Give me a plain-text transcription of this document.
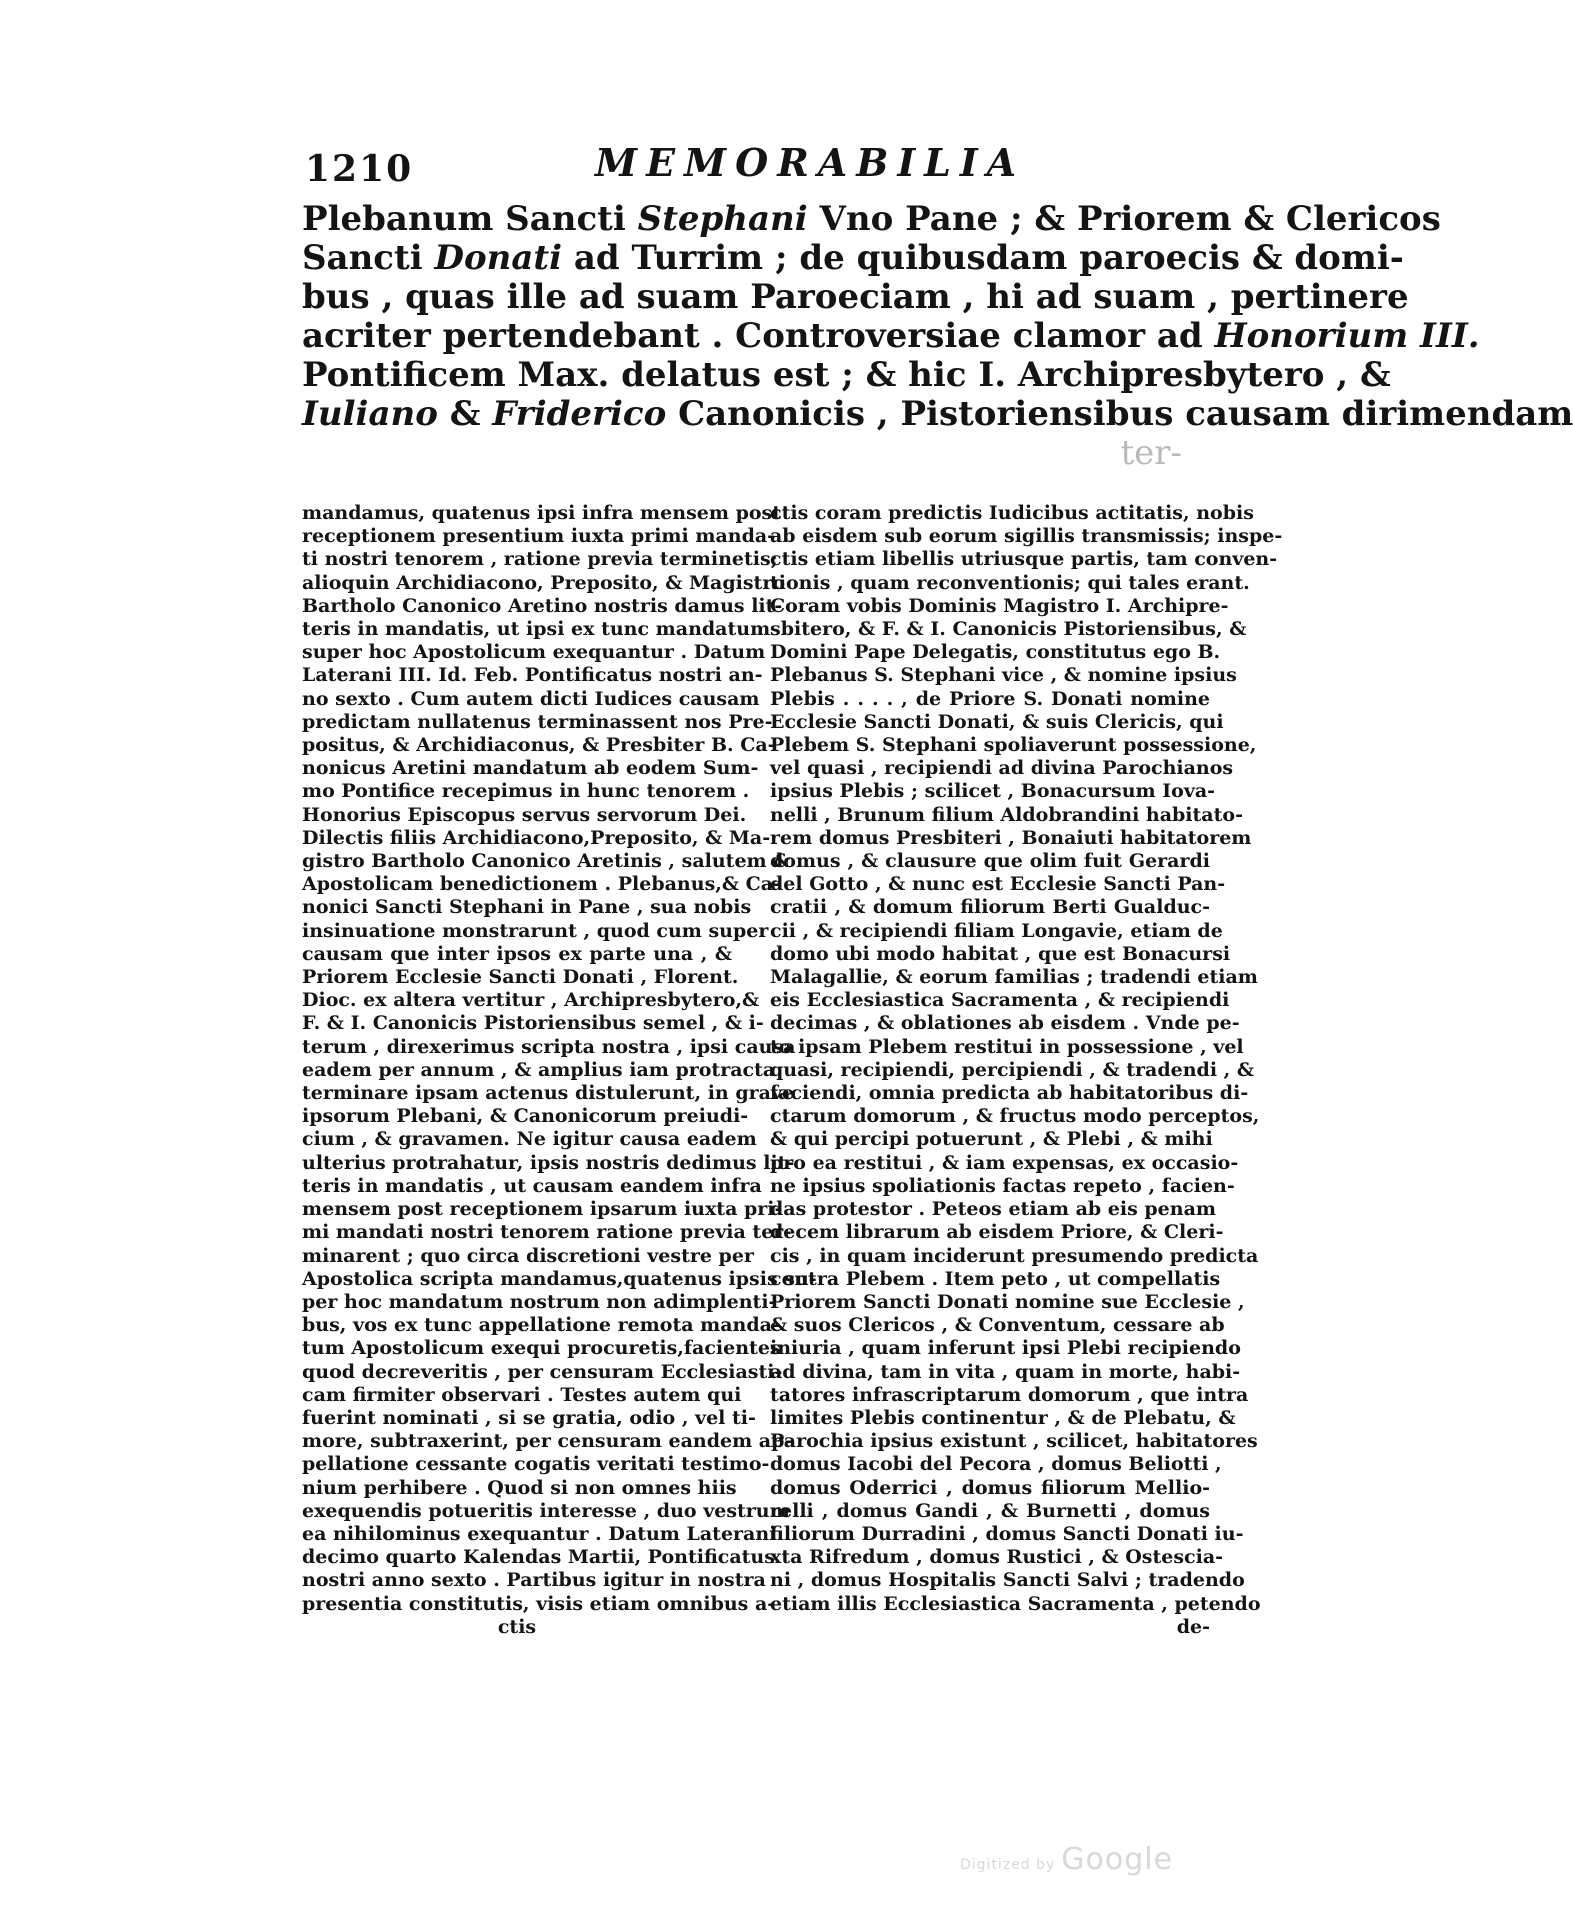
1210	MEMORABILIA
Plebanum Sancti Stephani Vno Pane ; & Priorem & Clericos
Sancti Donati ad Turrim ; de quibusdam paroecis & domi-
bus , quas ille ad suam Paroeciam , hi ad suam , pertinere
acriter pertendebant . Controversiae clamor ad Honorium III.
Pontificem Max. delatus est ; & hic I. Archipresbytero , &
Iuliano & Friderico Canonicis , Pistoriensibus causam dirimendam
ter-
mandamus, quatenus ipsi infra mensem post
receptionem presentium iuxta primi manda-
ti nostri tenorem , ratione previa terminetis;
alioquin Archidiacono, Preposito, & Magistro
Bartholo Canonico Aretino nostris damus lit-
teris in mandatis, ut ipsi ex tunc mandatum
super hoc Apostolicum exequantur . Datum
Laterani III. Id. Feb. Pontificatus nostri an-
no sexto . Cum autem dicti Iudices causam
predictam nullatenus terminassent nos Pre-
positus, & Archidiaconus, & Presbiter B. Ca-
nonicus Aretini mandatum ab eodem Sum-
mo Pontifice recepimus in hunc tenorem .
Honorius Episcopus servus servorum Dei.
Dilectis filiis Archidiacono,Preposito, & Ma-
gistro Bartholo Canonico Aretinis , salutem &
Apostolicam benedictionem . Plebanus,& Ca-
nonici Sancti Stephani in Pane , sua nobis
insinuatione monstrarunt , quod cum super
causam que inter ipsos ex parte una , &
Priorem Ecclesie Sancti Donati , Florent.
Dioc. ex altera vertitur , Archipresbytero,&
F. & I. Canonicis Pistoriensibus semel , & i-
terum , direxerimus scripta nostra , ipsi causa
eadem per annum , & amplius iam protracta
terminare ipsam actenus distulerunt, in grave
ipsorum Plebani, & Canonicorum preiudi-
cium , & gravamen. Ne igitur causa eadem
ulterius protrahatur, ipsis nostris dedimus lit-
teris in mandatis , ut causam eandem infra
mensem post receptionem ipsarum iuxta pri-
mi mandati nostri tenorem ratione previa ter-
minarent ; quo circa discretioni vestre per
Apostolica scripta mandamus,quatenus ipsis su-
per hoc mandatum nostrum non adimplenti-
bus, vos ex tunc appellatione remota manda-
tum Apostolicum exequi procuretis,facientes
quod decreveritis , per censuram Ecclesiasti-
cam firmiter observari . Testes autem qui
fuerint nominati , si se gratia, odio , vel ti-
more, subtraxerint, per censuram eandem ap-
pellatione cessante cogatis veritati testimo-
nium perhibere . Quod si non omnes hiis
exequendis potueritis interesse , duo vestrum
ea nihilominus exequantur . Datum Laterani
decimo quarto Kalendas Martii, Pontificatus
nostri anno sexto . Partibus igitur in nostra
presentia constitutis, visis etiam omnibus a-
ctis
ctis coram predictis Iudicibus actitatis, nobis
ab eisdem sub eorum sigillis transmissis; inspe-
ctis etiam libellis utriusque partis, tam conven-
tionis , quam reconventionis; qui tales erant.
Coram vobis Dominis Magistro I. Archipre-
sbitero, & F. & I. Canonicis Pistoriensibus, &
Domini Pape Delegatis, constitutus ego B.
Plebanus S. Stephani vice , & nomine ipsius
Plebis . . . . , de Priore S. Donati nomine
Ecclesie Sancti Donati, & suis Clericis, qui
Plebem S. Stephani spoliaverunt possessione,
vel quasi , recipiendi ad divina Parochianos
ipsius Plebis ; scilicet , Bonacursum Iova-
nelli , Brunum filium Aldobrandini habitato-
rem domus Presbiteri , Bonaiuti habitatorem
domus , & clausure que olim fuit Gerardi
del Gotto , & nunc est Ecclesie Sancti Pan-
cratii , & domum filiorum Berti Gualduc-
cii , & recipiendi filiam Longavie, etiam de
domo ubi modo habitat , que est Bonacursi
Malagallie, & eorum familias ; tradendi etiam
eis Ecclesiastica Sacramenta , & recipiendi
decimas , & oblationes ab eisdem . Vnde pe-
to ipsam Plebem restitui in possessione , vel
quasi, recipiendi, percipiendi , & tradendi , &
faciendi, omnia predicta ab habitatoribus di-
ctarum domorum , & fructus modo perceptos,
& qui percipi potuerunt , & Plebi , & mihi
pro ea restitui , & iam expensas, ex occasio-
ne ipsius spoliationis factas repeto , facien-
das protestor . Peteos etiam ab eis penam
decem librarum ab eisdem Priore, & Cleri-
cis , in quam inciderunt presumendo predicta
contra Plebem . Item peto , ut compellatis
Priorem Sancti Donati nomine sue Ecclesie ,
& suos Clericos , & Conventum, cessare ab
iniuria , quam inferunt ipsi Plebi recipiendo
ad divina, tam in vita , quam in morte, habi-
tatores infrascriptarum domorum , que intra
limites Plebis continentur , & de Plebatu, &
Parochia ipsius existunt , scilicet, habitatores
domus Iacobi del Pecora , domus Beliotti ,
domus Oderrici , domus filiorum Mellio-
relli , domus Gandi , & Burnetti , domus
filiorum Durradini , domus Sancti Donati iu-
xta Rifredum , domus Rustici , & Ostescia-
ni , domus Hospitalis Sancti Salvi ; tradendo
etiam illis Ecclesiastica Sacramenta , petendo
de-
Digitized by Google
